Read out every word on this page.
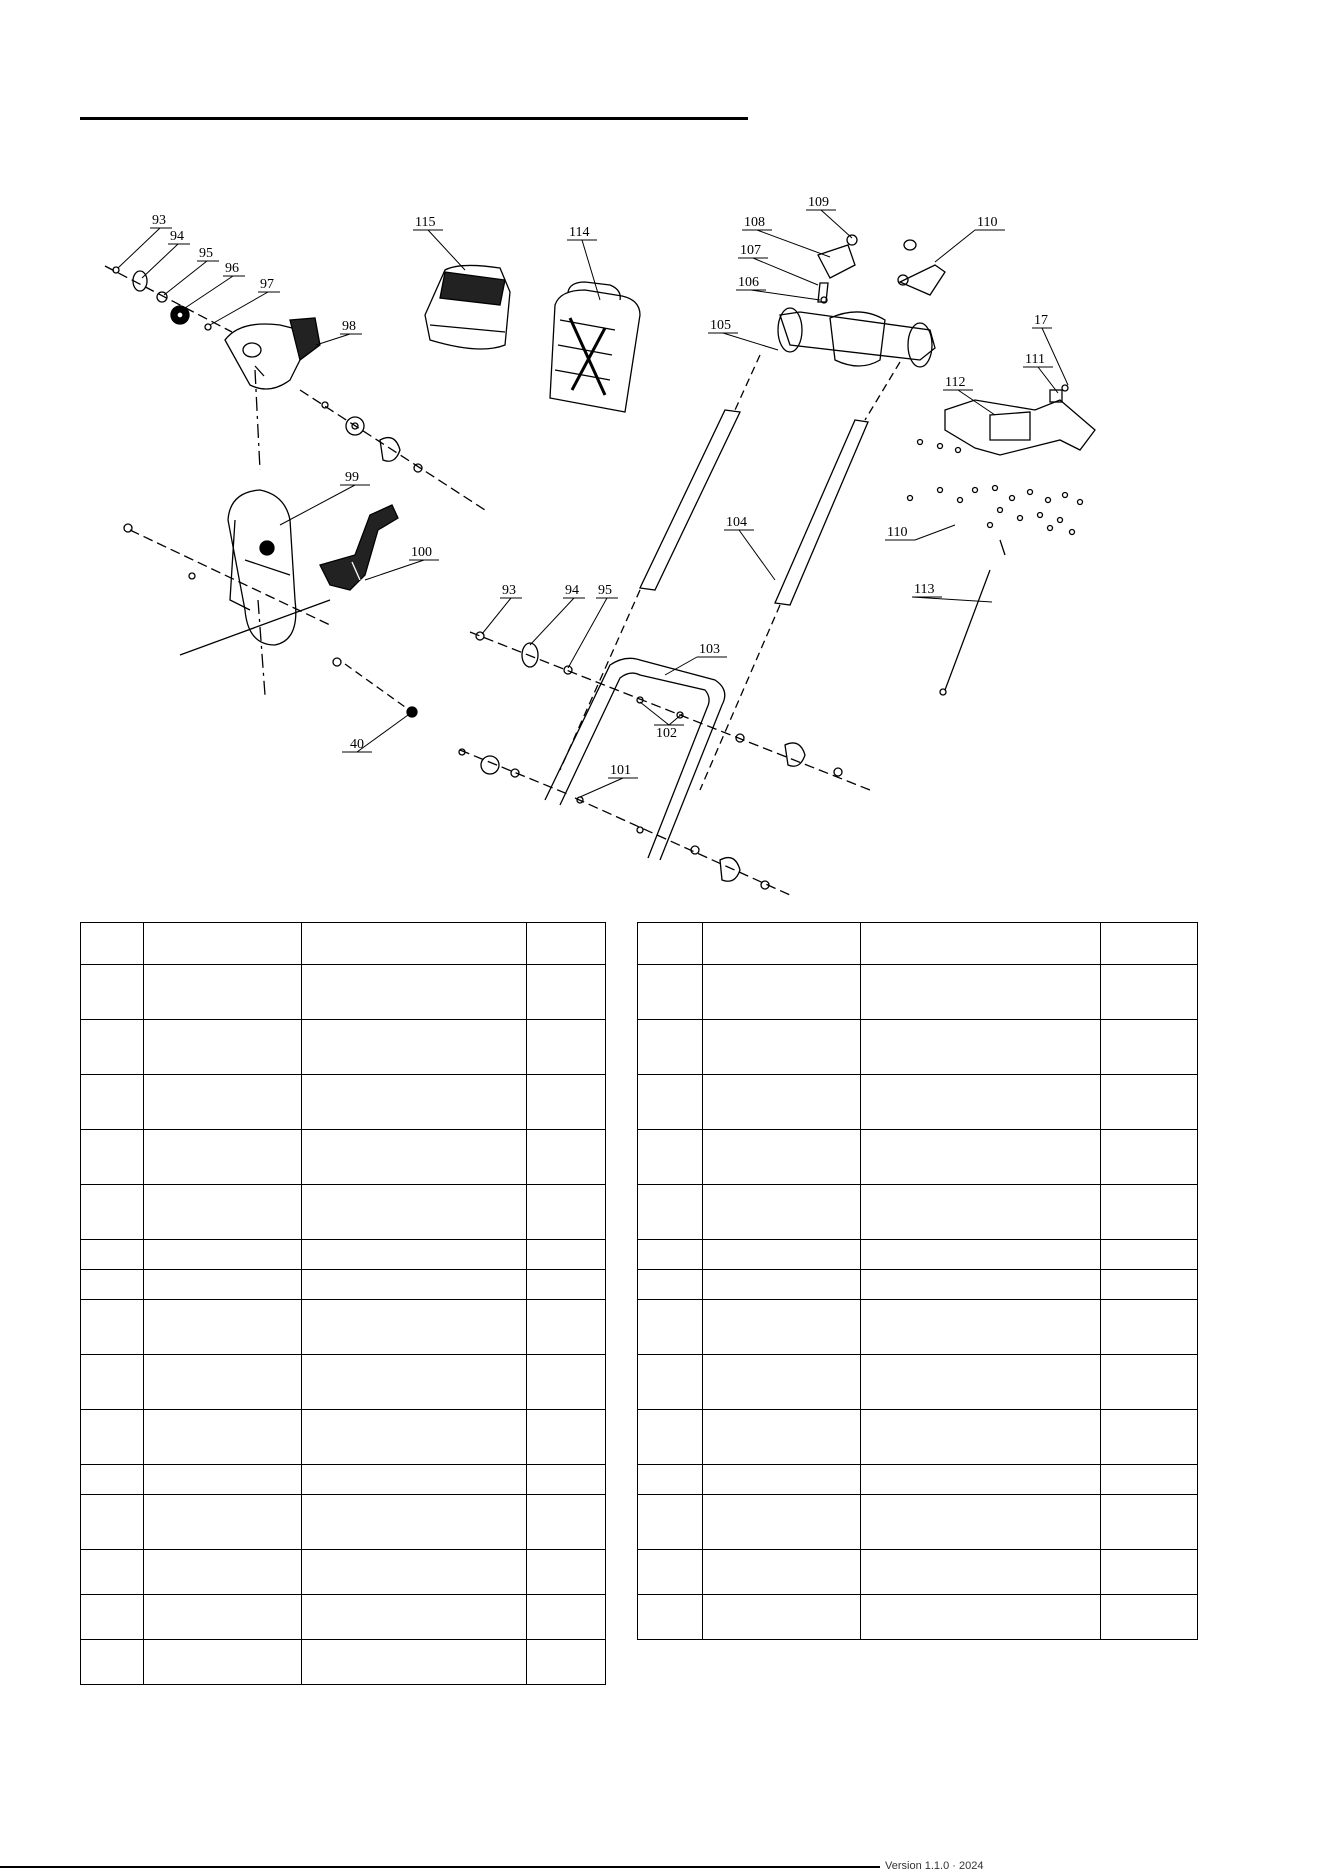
93
94
95
96
97
98
115
114
109
108
107
106
110
105	17
111
112
99
100
104
110
93	94 95	113
103
102
40
101

Version 1.1.0 · 2024
